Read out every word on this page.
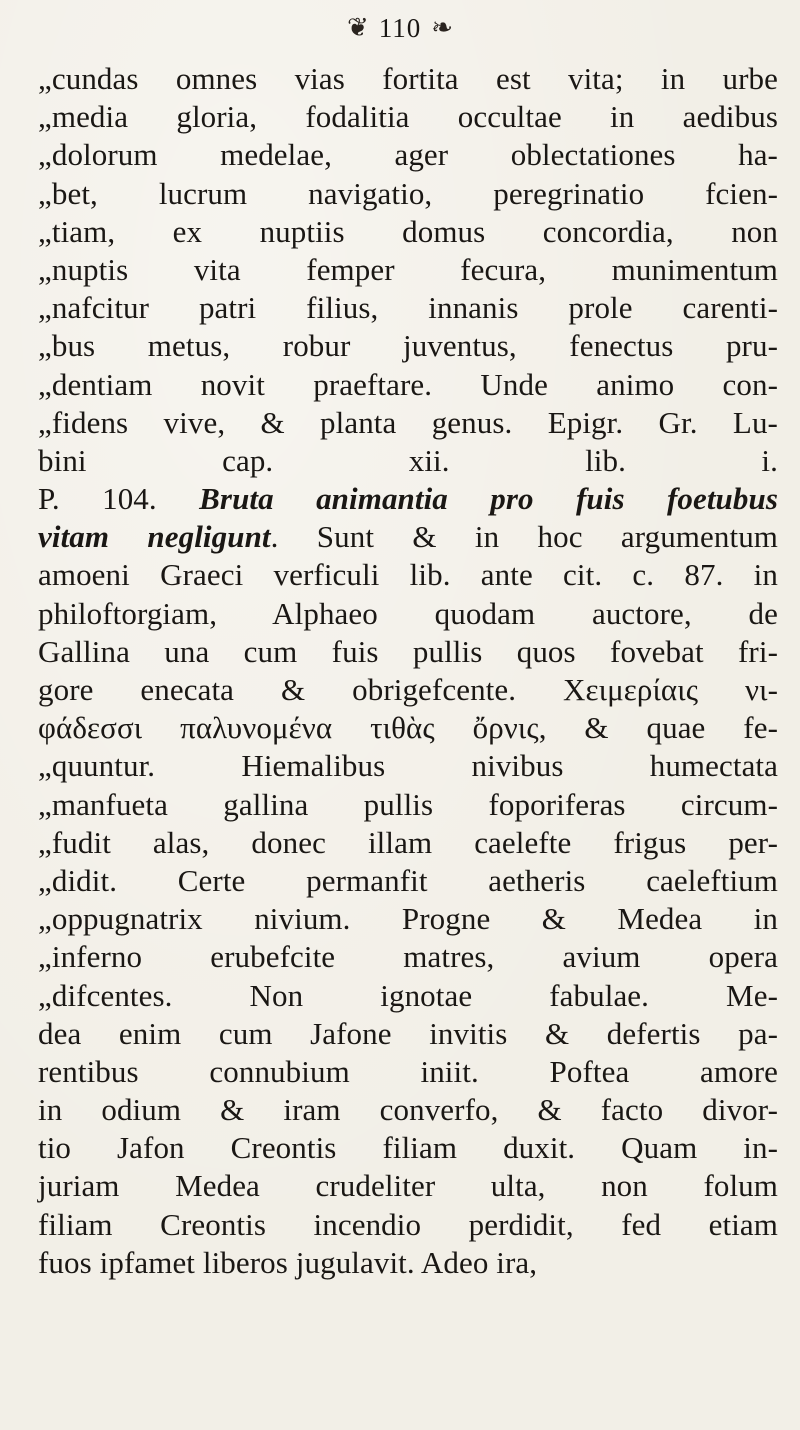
❦ 110 ❧
„cundas omnes vias fortita est vita; in urbe
„media gloria, fodalitia occultae in aedibus
„dolorum medelae, ager oblectationes ha-
„bet, lucrum navigatio, peregrinatio fcien-
„tiam, ex nuptiis domus concordia, non
„nuptis vita femper fecura, munimentum
„nafcitur patri filius, innanis prole carenti-
„bus metus, robur juventus, fenectus pru-
„dentiam novit praeftare. Unde animo con-
„fidens vive, & planta genus. Epigr. Gr. Lu-
bini cap. xii. lib. i.
P. 104. Bruta animantia pro fuis foetubus
vitam negligunt. Sunt & in hoc argumentum
amoeni Graeci verficuli lib. ante cit. c. 87. in
philoftorgiam, Alphaeo quodam auctore, de
Gallina una cum fuis pullis quos fovebat fri-
gore enecata & obrigefcente. Χειμερίαις νι-
φάδεσσι παλυνομένα τιθὰς ὄρνις, & quae fe-
„quuntur. Hiemalibus nivibus humectata
„manfueta gallina pullis foporiferas circum-
„fudit alas, donec illam caelefte frigus per-
„didit. Certe permanfit aetheris caeleftium
„oppugnatrix nivium. Progne & Medea in
„inferno erubefcite matres, avium opera
„difcentes. Non ignotae fabulae. Me-
dea enim cum Jafone invitis & defertis pa-
rentibus connubium iniit. Poftea amore
in odium & iram converfo, & facto divor-
tio Jafon Creontis filiam duxit. Quam in-
juriam Medea crudeliter ulta, non folum
filiam Creontis incendio perdidit, fed etiam
fuos ipfamet liberos jugulavit. Adeo ira,
